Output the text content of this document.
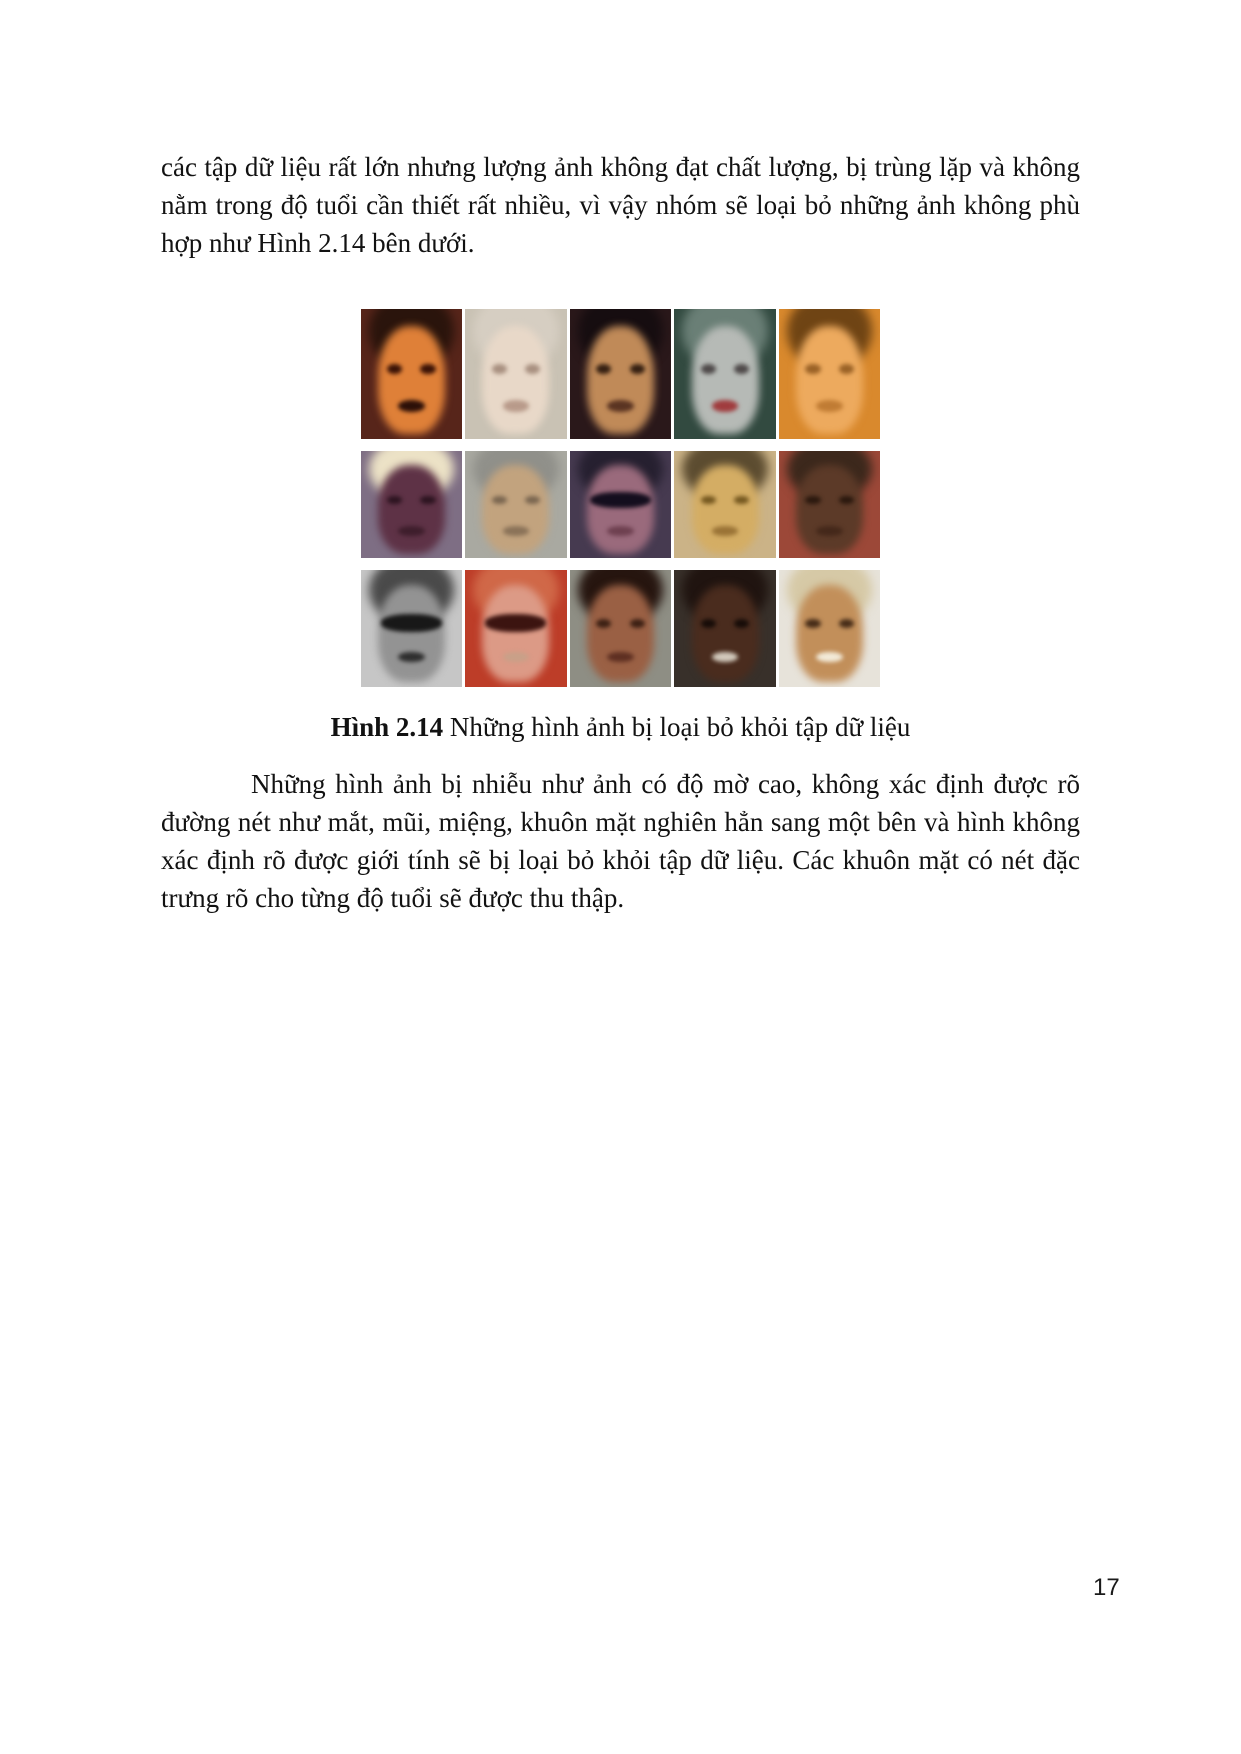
các tập dữ liệu rất lớn nhưng lượng ảnh không đạt chất lượng, bị trùng lặp và không nằm trong độ tuổi cần thiết rất nhiều, vì vậy nhóm sẽ loại bỏ những ảnh không phù hợp như Hình 2.14 bên dưới.

Hình 2.14 Những hình ảnh bị loại bỏ khỏi tập dữ liệu

Những hình ảnh bị nhiễu như ảnh có độ mờ cao, không xác định được rõ đường nét như mắt, mũi, miệng, khuôn mặt nghiên hẳn sang một bên và hình không xác định rõ được giới tính sẽ bị loại bỏ khỏi tập dữ liệu. Các khuôn mặt có nét đặc trưng rõ cho từng độ tuổi sẽ được thu thập.

17
